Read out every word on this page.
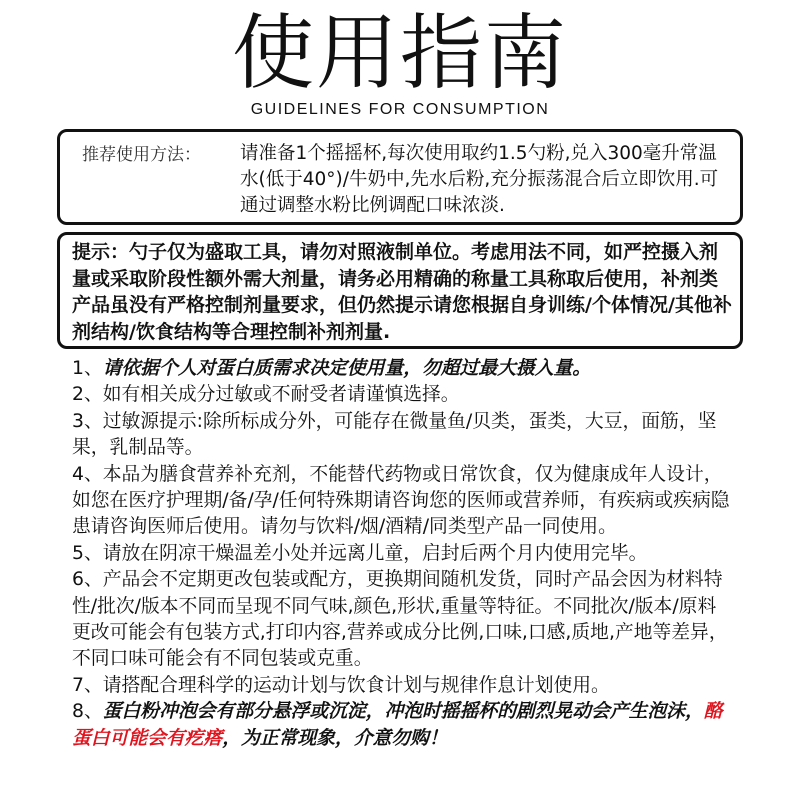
使用指南
GUIDELINES FOR CONSUMPTION
推荐使用方法： 请准备1个摇摇杯,每次使用取约1.5勺粉,兑入300毫升常温水(低于40°)/牛奶中,先水后粉,充分振荡混合后立即饮用.可通过调整水粉比例调配口味浓淡.
提示：勺子仅为盛取工具，请勿对照液制单位。考虑用法不同，如严控摄入剂量或采取阶段性额外需大剂量，请务必用精确的称量工具称取后使用，补剂类产品虽没有严格控制剂量要求，但仍然提示请您根据自身训练/个体情况/其他补剂结构/饮食结构等合理控制补剂剂量.
1、请依据个人对蛋白质需求决定使用量，勿超过最大摄入量。
2、如有相关成分过敏或不耐受者请谨慎选择。
3、过敏源提示:除所标成分外，可能存在微量鱼/贝类，蛋类，大豆，面筋，坚果，乳制品等。
4、本品为膳食营养补充剂，不能替代药物或日常饮食，仅为健康成年人设计，如您在医疗护理期/备/孕/任何特殊期请咨询您的医师或营养师，有疾病或疾病隐患请咨询医师后使用。请勿与饮料/烟/酒精/同类型产品一同使用。
5、请放在阴凉干燥温差小处并远离儿童，启封后两个月内使用完毕。
6、产品会不定期更改包装或配方，更换期间随机发货，同时产品会因为材料特性/批次/版本不同而呈现不同气味,颜色,形状,重量等特征。不同批次/版本/原料更改可能会有包装方式,打印内容,营养或成分比例,口味,口感,质地,产地等差异，不同口味可能会有不同包装或克重。
7、请搭配合理科学的运动计划与饮食计划与规律作息计划使用。
8、蛋白粉冲泡会有部分悬浮或沉淀，冲泡时摇摇杯的剧烈晃动会产生泡沫，酪蛋白可能会有疙瘩，为正常现象，介意勿购！
